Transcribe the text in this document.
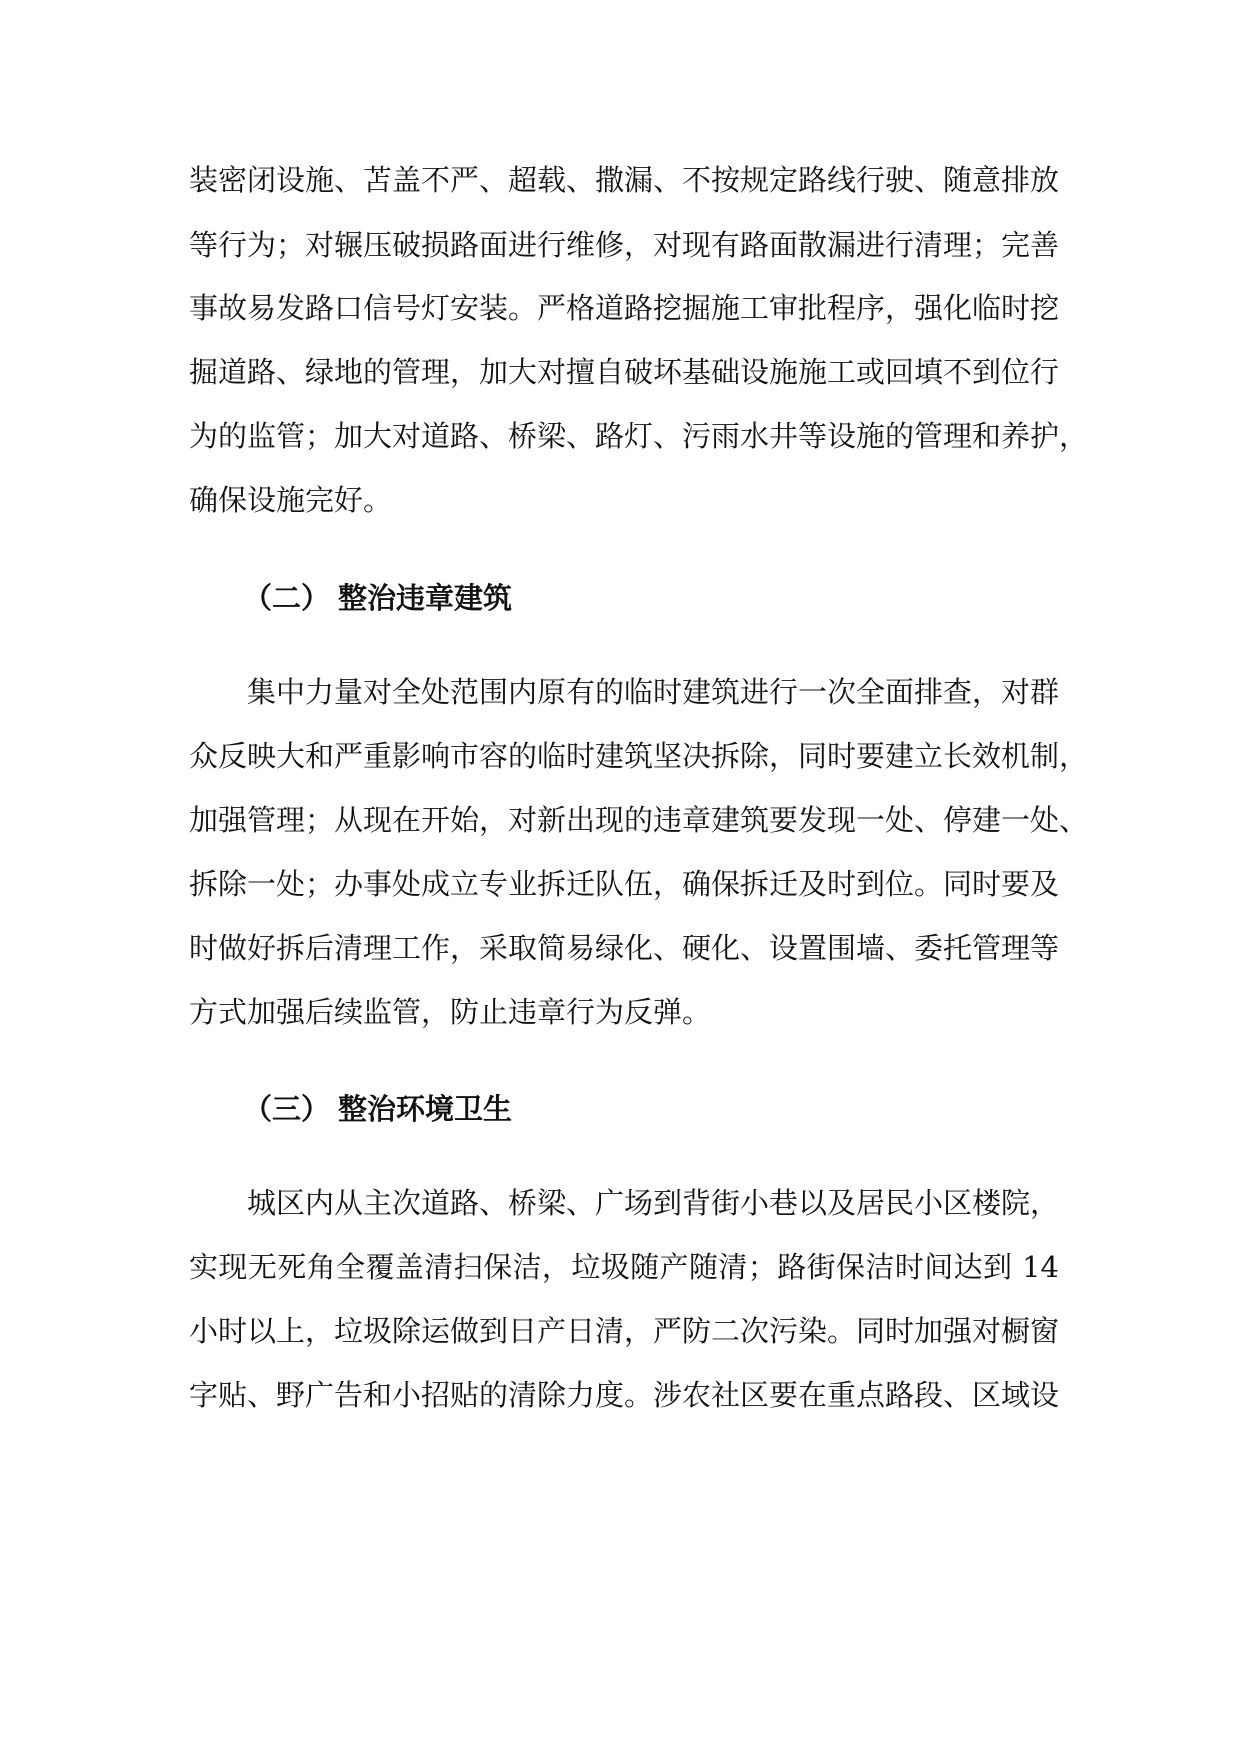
装密闭设施、苫盖不严、超载、撒漏、不按规定路线行驶、随意排放
等行为；对辗压破损路面进行维修，对现有路面散漏进行清理；完善
事故易发路口信号灯安装。严格道路挖掘施工审批程序，强化临时挖
掘道路、绿地的管理，加大对擅自破坏基础设施施工或回填不到位行
为的监管；加大对道路、桥梁、路灯、污雨水井等设施的管理和养护，
确保设施完好。
（二） 整治违章建筑
集中力量对全处范围内原有的临时建筑进行一次全面排查，对群
众反映大和严重影响市容的临时建筑坚决拆除，同时要建立长效机制，
加强管理；从现在开始，对新出现的违章建筑要发现一处、停建一处、
拆除一处；办事处成立专业拆迁队伍，确保拆迁及时到位。同时要及
时做好拆后清理工作，采取简易绿化、硬化、设置围墙、委托管理等
方式加强后续监管，防止违章行为反弹。
（三） 整治环境卫生
城区内从主次道路、桥梁、广场到背街小巷以及居民小区楼院，
实现无死角全覆盖清扫保洁，垃圾随产随清；路街保洁时间达到 14
小时以上，垃圾除运做到日产日清，严防二次污染。同时加强对橱窗
字贴、野广告和小招贴的清除力度。涉农社区要在重点路段、区域设
